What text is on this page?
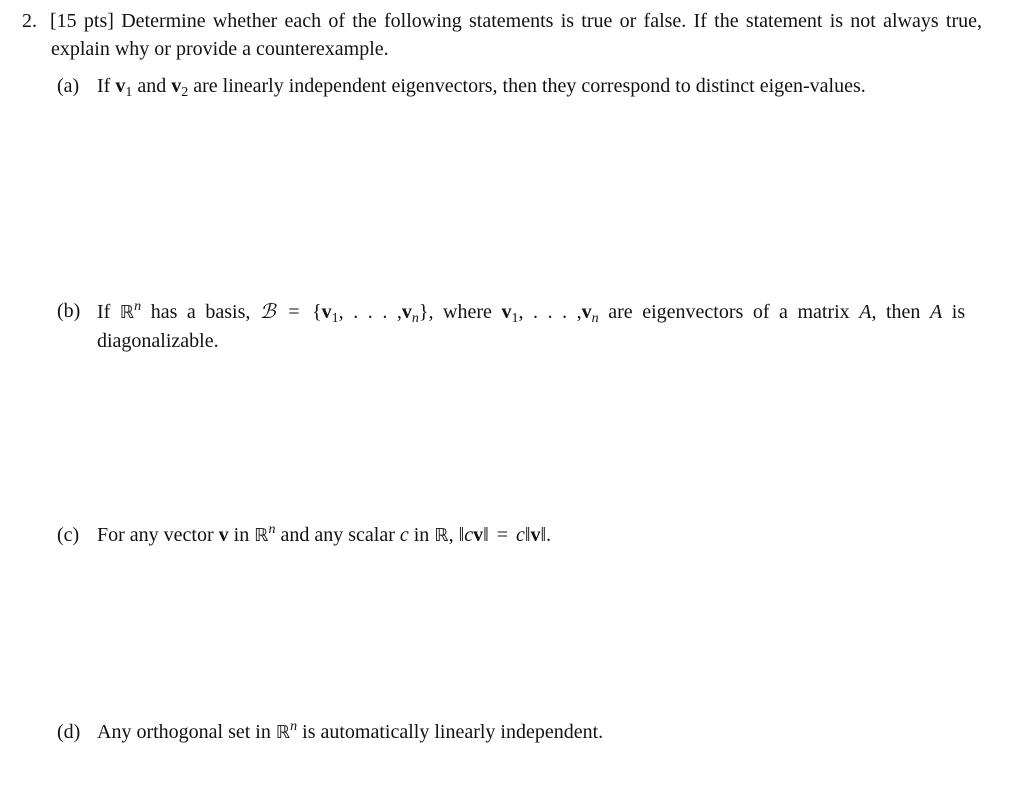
2. [15 pts] Determine whether each of the following statements is true or false. If the statement is not always true, explain why or provide a counterexample.
(a) If $v_1$ and $v_2$ are linearly independent eigenvectors, then they correspond to distinct eigen-values.
(b) If ℝ$^n$ has a basis, ℬ = {$v_1$, . . . $,v_n$}, where $v_1$, . . . $,v_n$ are eigenvectors of a matrix A, then A is diagonalizable.
(c) For any vector v in ℝ$^n$ and any scalar c in ℝ, ‖cv‖ = c‖v‖.
(d) Any orthogonal set in ℝ$^n$ is automatically linearly independent.
